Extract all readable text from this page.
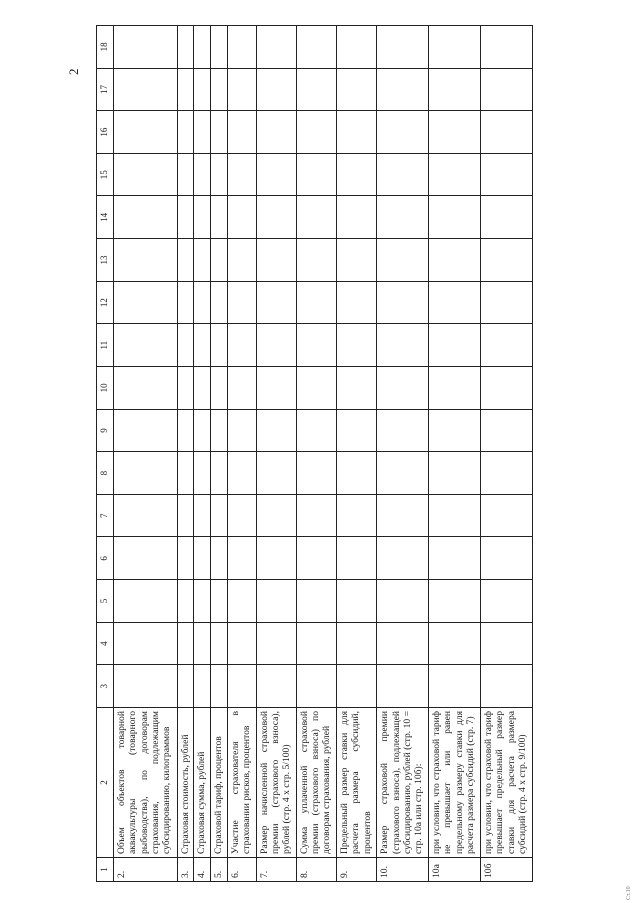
2
1	2	3	4	5	6	7	8	9	10	11	12	13	14	15	16	17	18
2.	Объем объектов товарной аквакультуры (товарного рыбоводства), по договорам страхования, подлежащим субсидированию, килограммов																
3.	Страховая стоимость, рублей																
4.	Страховая сумма, рублей																
5.	Страховой тариф, процентов																
6.	Участие страхователя в страховании рисков, процентов																
7.	Размер начисленной страховой премии (страхового взноса), рублей (стр. 4 х стр. 5/100)																
8.	Сумма уплаченной страховой премии (страхового взноса) по договорам страхования, рублей																
9.	Предельный размер ставки для расчета размера субсидий, процентов																
10.	Размер страховой премии (страхового взноса), подлежащей субсидированию, рублей (стр. 10 = стр. 10а или стр. 10б):																
10а	при условии, что страховой тариф не превышает или равен предельному размеру ставки для расчета размера субсидий (стр. 7)																
10б	при условии, что страховой тариф превышает предельный размер ставки для расчета размера субсидий (стр. 4 х стр. 9/100)																
Ст.10
